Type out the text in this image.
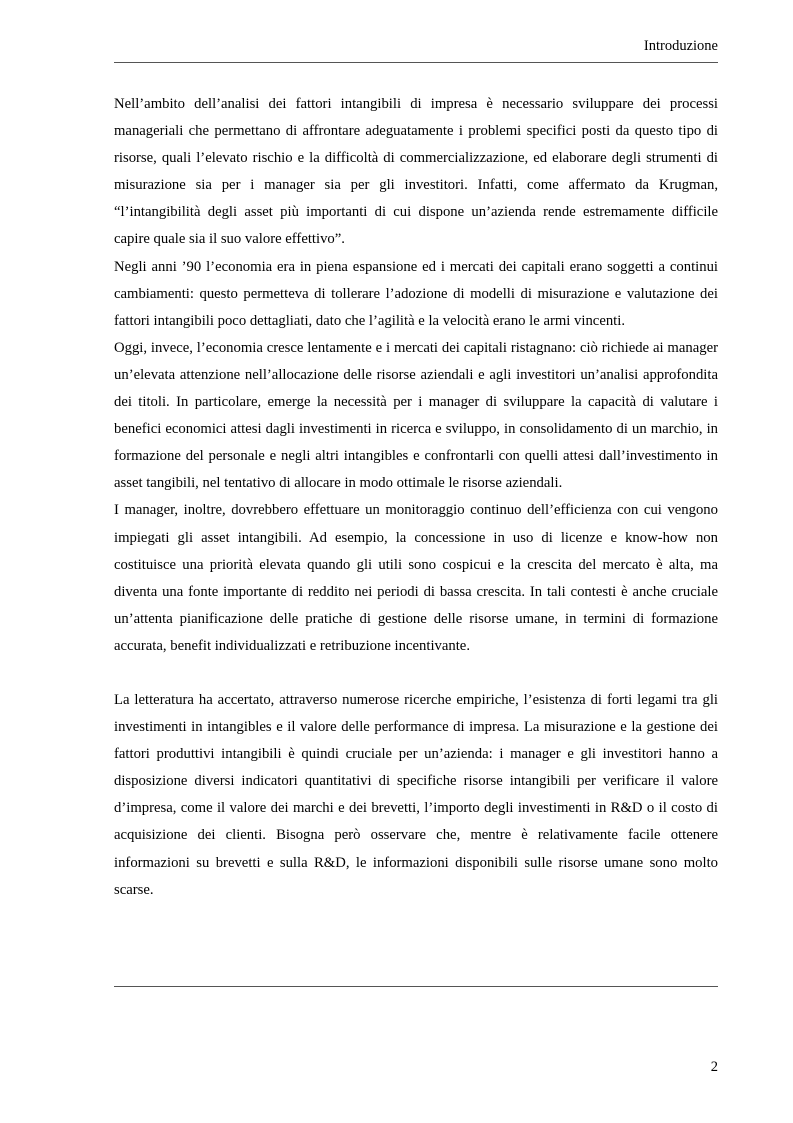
Introduzione

Nell’ambito dell’analisi dei fattori intangibili di impresa è necessario sviluppare dei processi manageriali che permettano di affrontare adeguatamente i problemi specifici posti da questo tipo di risorse, quali l’elevato rischio e la difficoltà di commercializzazione, ed elaborare degli strumenti di misurazione sia per i manager sia per gli investitori. Infatti, come affermato da Krugman, “l’intangibilità degli asset più importanti di cui dispone un’azienda rende estremamente difficile capire quale sia il suo valore effettivo”.

Negli anni ’90 l’economia era in piena espansione ed i mercati dei capitali erano soggetti a continui cambiamenti: questo permetteva di tollerare l’adozione di modelli di misurazione e valutazione dei fattori intangibili poco dettagliati, dato che l’agilità e la velocità erano le armi vincenti.

Oggi, invece, l’economia cresce lentamente e i mercati dei capitali ristagnano: ciò richiede ai manager un’elevata attenzione nell’allocazione delle risorse aziendali e agli investitori un’analisi approfondita dei titoli. In particolare, emerge la necessità per i manager di sviluppare la capacità di valutare i benefici economici attesi dagli investimenti in ricerca e sviluppo, in consolidamento di un marchio, in formazione del personale e negli altri intangibles e confrontarli con quelli attesi dall’investimento in asset tangibili, nel tentativo di allocare in modo ottimale le risorse aziendali.

I manager, inoltre, dovrebbero effettuare un monitoraggio continuo dell’efficienza con cui vengono impiegati gli asset intangibili. Ad esempio, la concessione in uso di licenze e know-how non costituisce una priorità elevata quando gli utili sono cospicui e la crescita del mercato è alta, ma diventa una fonte importante di reddito nei periodi di bassa crescita. In tali contesti è anche cruciale un’attenta pianificazione delle pratiche di gestione delle risorse umane, in termini di formazione accurata, benefit individualizzati e retribuzione incentivante.

La letteratura ha accertato, attraverso numerose ricerche empiriche, l’esistenza di forti legami tra gli investimenti in intangibles e il valore delle performance di impresa. La misurazione e la gestione dei fattori produttivi intangibili è quindi cruciale per un’azienda: i manager e gli investitori hanno a disposizione diversi indicatori quantitativi di specifiche risorse intangibili per verificare il valore d’impresa, come il valore dei marchi e dei brevetti, l’importo degli investimenti in R&D o il costo di acquisizione dei clienti. Bisogna però osservare che, mentre è relativamente facile ottenere informazioni su brevetti e sulla R&D, le informazioni disponibili sulle risorse umane sono molto scarse.

2
